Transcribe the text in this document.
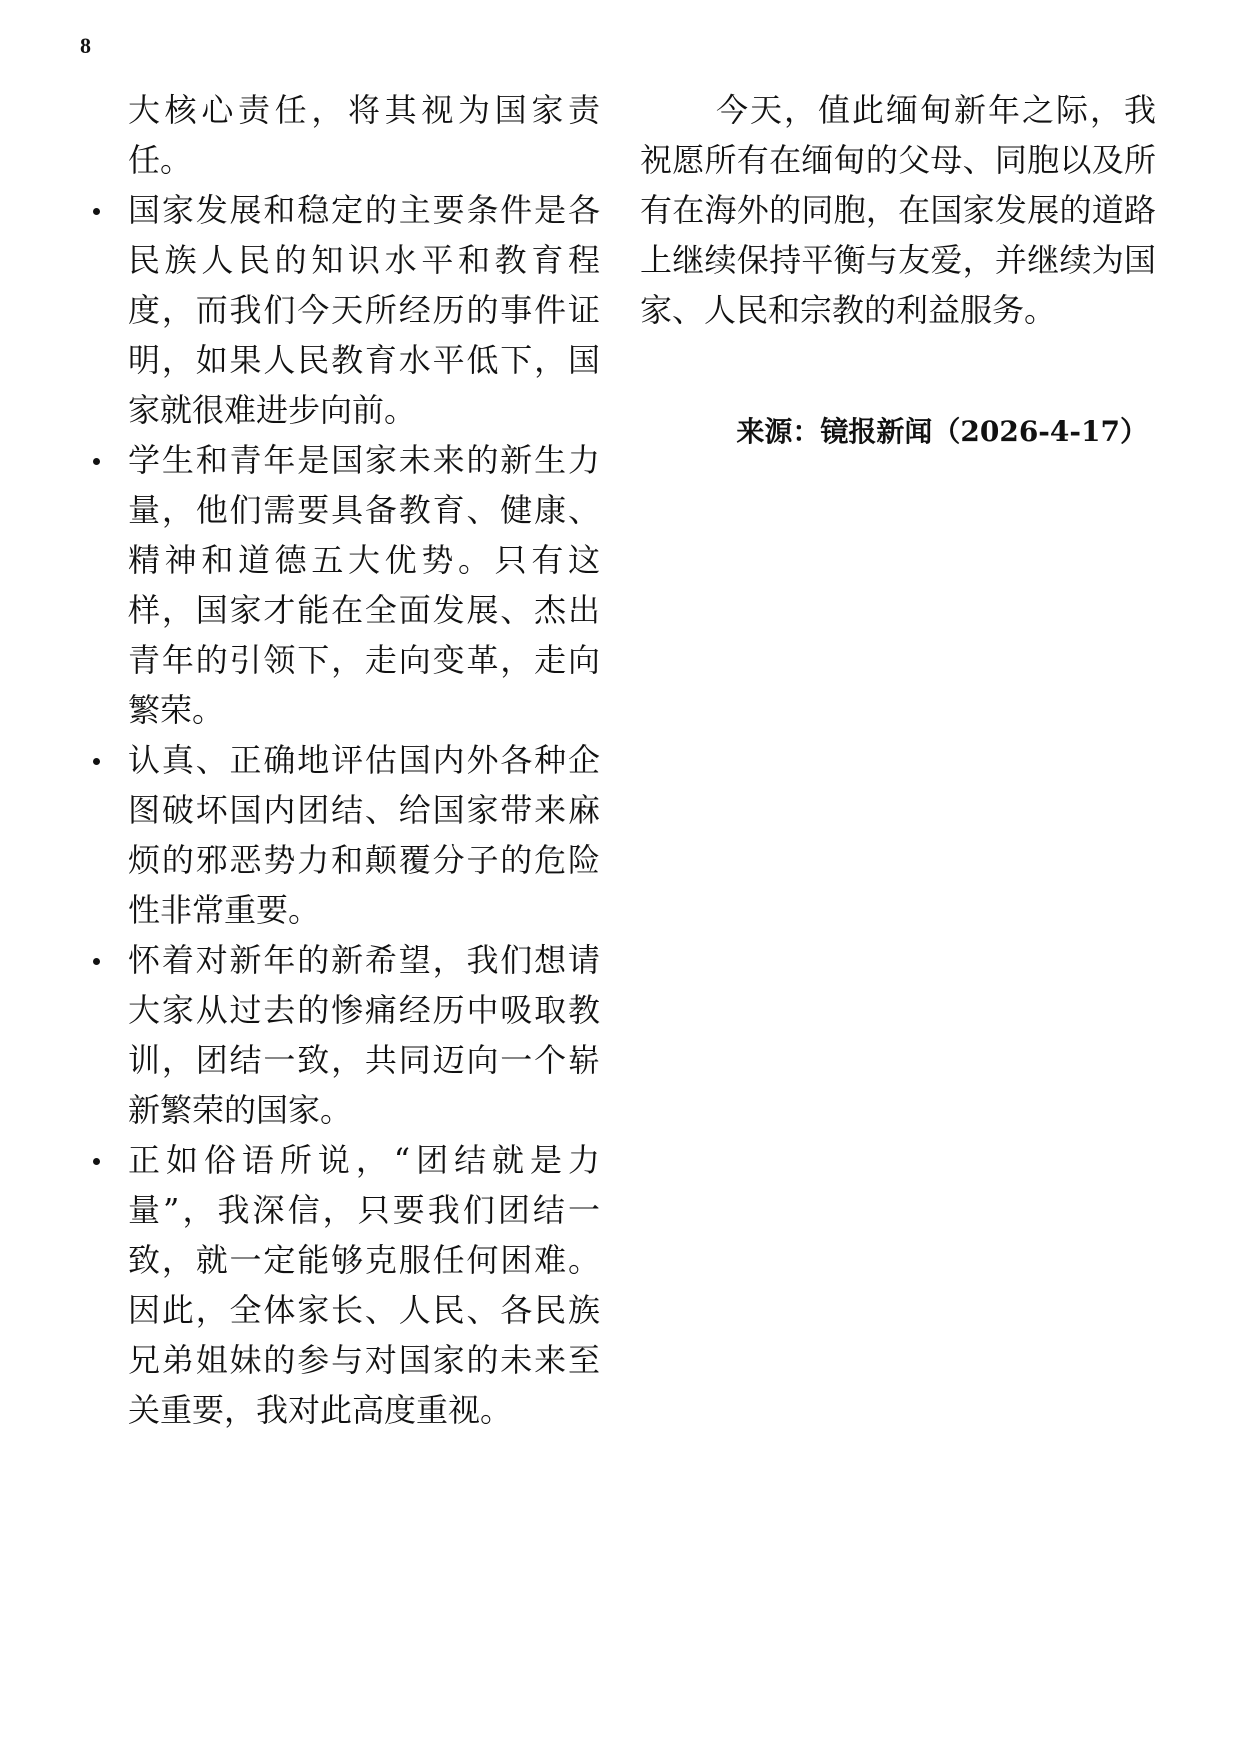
8

大核心责任，将其视为国家责任。

国家发展和稳定的主要条件是各民族人民的知识水平和教育程度，而我们今天所经历的事件证明，如果人民教育水平低下，国家就很难进步向前。
学生和青年是国家未来的新生力量，他们需要具备教育、健康、精神和道德五大优势。只有这样，国家才能在全面发展、杰出青年的引领下，走向变革，走向繁荣。
认真、正确地评估国内外各种企图破坏国内团结、给国家带来麻烦的邪恶势力和颠覆分子的危险性非常重要。
怀着对新年的新希望，我们想请大家从过去的惨痛经历中吸取教训，团结一致，共同迈向一个崭新繁荣的国家。
正如俗语所说，“团结就是力量”，我深信，只要我们团结一致，就一定能够克服任何困难。因此，全体家长、人民、各民族兄弟姐妹的参与对国家的未来至关重要，我对此高度重视。

今天，值此缅甸新年之际，我祝愿所有在缅甸的父母、同胞以及所有在海外的同胞，在国家发展的道路上继续保持平衡与友爱，并继续为国家、人民和宗教的利益服务。

来源：镜报新闻（2026-4-17）
